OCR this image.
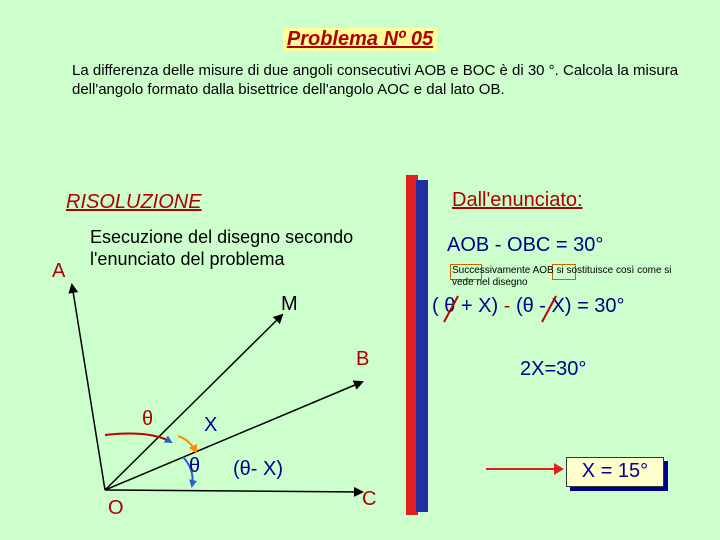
Problema Nº 05
La differenza delle misure di due angoli consecutivi AOB e BOC è di 30 °. Calcola la misura dell'angolo formato dalla bisettrice dell'angolo AOC e dal lato OB.
RISOLUZIONE
Esecuzione del disegno secondo l'enunciato del problema
A
M
B
O	C
θ	X
θ (θ- X)
Dall'enunciato:
AOB - OBC = 30°
Successivamente AOB si sostituisce così come si vede nel disegno
( θ + X) - (θ - X) = 30°
2X=30°
X = 15°
